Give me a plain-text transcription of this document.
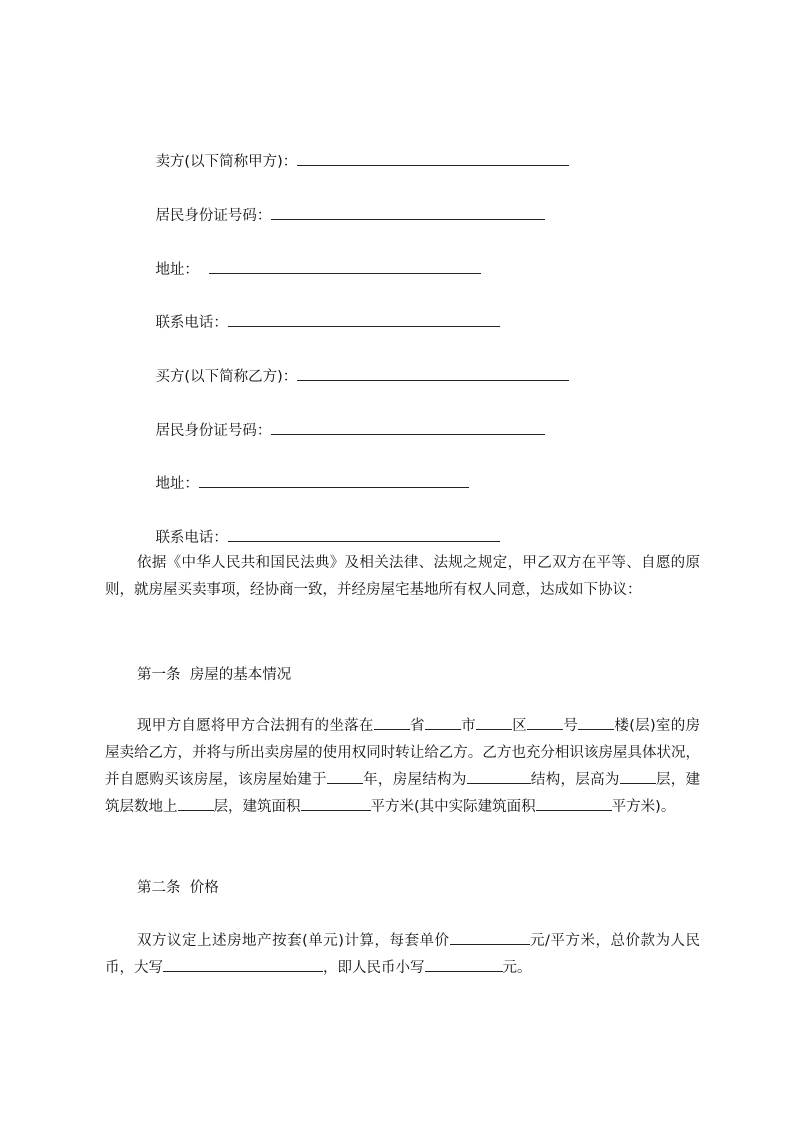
卖方(以下简称甲方)：

居民身份证号码：

地址：

联系电话：

买方(以下简称乙方)：

居民身份证号码：

地址：

联系电话：

依据《中华人民共和国民法典》及相关法律、法规之规定，甲乙双方在平等、自愿的原则，就房屋买卖事项，经协商一致，并经房屋宅基地所有权人同意，达成如下协议：
第一条  房屋的基本情况
现甲方自愿将甲方合法拥有的坐落在 省 市 区 号 楼(层)室的房屋卖给乙方，并将与所出卖房屋的使用权同时转让给乙方。乙方也充分相识该房屋具体状况，并自愿购买该房屋，该房屋始建于 年，房屋结构为	结构，层高为 层，建筑层数地上 层，建筑面积	平方米(其中实际建筑面积	平方米)。
第二条  价格
双方议定上述房地产按套(单元)计算，每套单价	元/平方米，总价款为人民币，大写	，即人民币小写	元。
